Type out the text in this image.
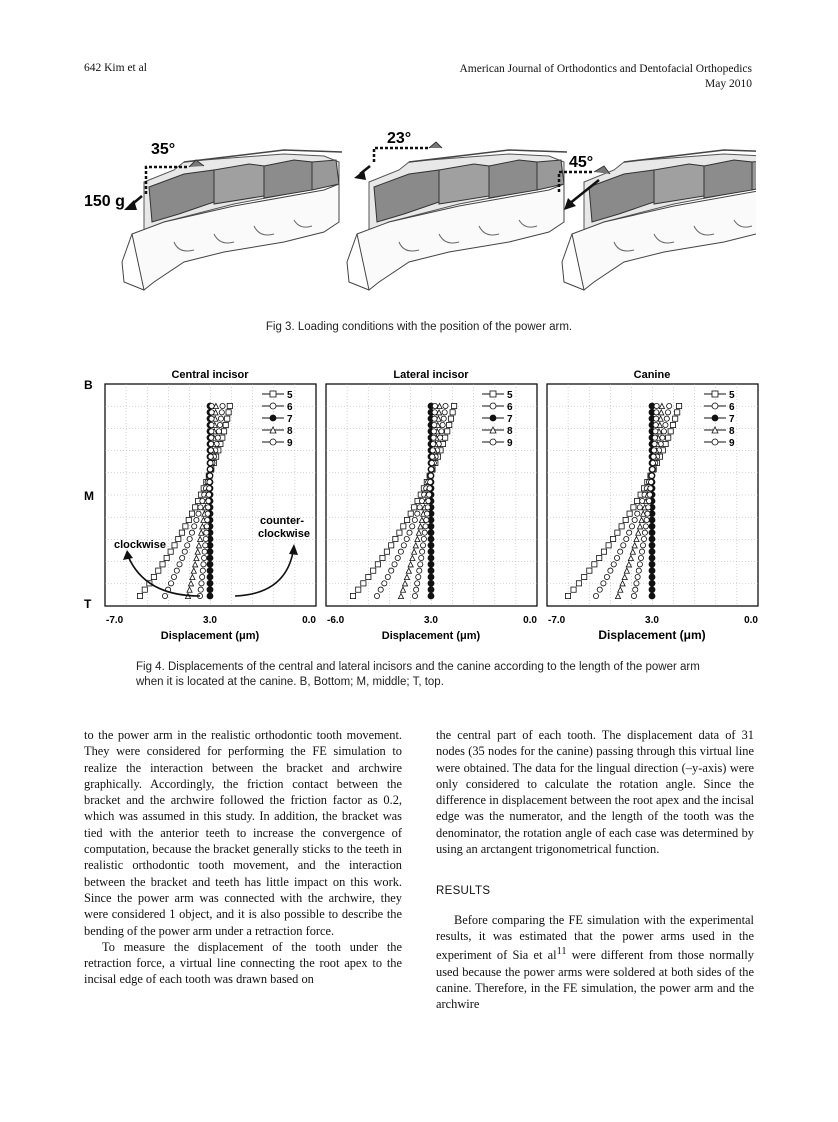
642 Kim et al	American Journal of Orthodontics and Dentofacial Orthopedics
May 2010
35°
23°
45°
150 g
Fig 3. Loading conditions with the position of the power arm.
B
M
T
Central incisor
-7.0	3.0	0.0
Displacement (μm)
5
6
7
8
9
Lateral incisor
-6.0	3.0	0.0
Displacement (μm)
5
6
7
8
9
Canine
-7.0	3.0	0.0
Displacement (μm)
5
6
7
8
9
clockwise
counter-
clockwise
Fig 4. Displacements of the central and lateral incisors and the canine according to the length of the power arm when it is located at the canine. B, Bottom; M, middle; T, top.

to the power arm in the realistic orthodontic tooth movement. They were considered for performing the FE simulation to realize the interaction between the bracket and archwire graphically. Accordingly, the friction contact between the bracket and the archwire followed the friction factor as 0.2, which was assumed in this study. In addition, the bracket was tied with the anterior teeth to increase the convergence of computation, because the bracket generally sticks to the teeth in realistic orthodontic tooth movement, and the interaction between the bracket and teeth has little impact on this work. Since the power arm was connected with the archwire, they were considered 1 object, and it is also possible to describe the bending of the power arm under a retraction force.

To measure the displacement of the tooth under the retraction force, a virtual line connecting the root apex to the incisal edge of each tooth was drawn based on

the central part of each tooth. The displacement data of 31 nodes (35 nodes for the canine) passing through this virtual line were obtained. The data for the lingual direction (–y-axis) were only considered to calculate the rotation angle. Since the difference in displacement between the root apex and the incisal edge was the numerator, and the length of the tooth was the denominator, the rotation angle of each case was determined by using an arctangent trigonometrical function.

RESULTS

Before comparing the FE simulation with the experimental results, it was estimated that the power arms used in the experiment of Sia et $al^{11}$ were different from those normally used because the power arms were soldered at both sides of the canine. Therefore, in the FE simulation, the power arm and the archwire
